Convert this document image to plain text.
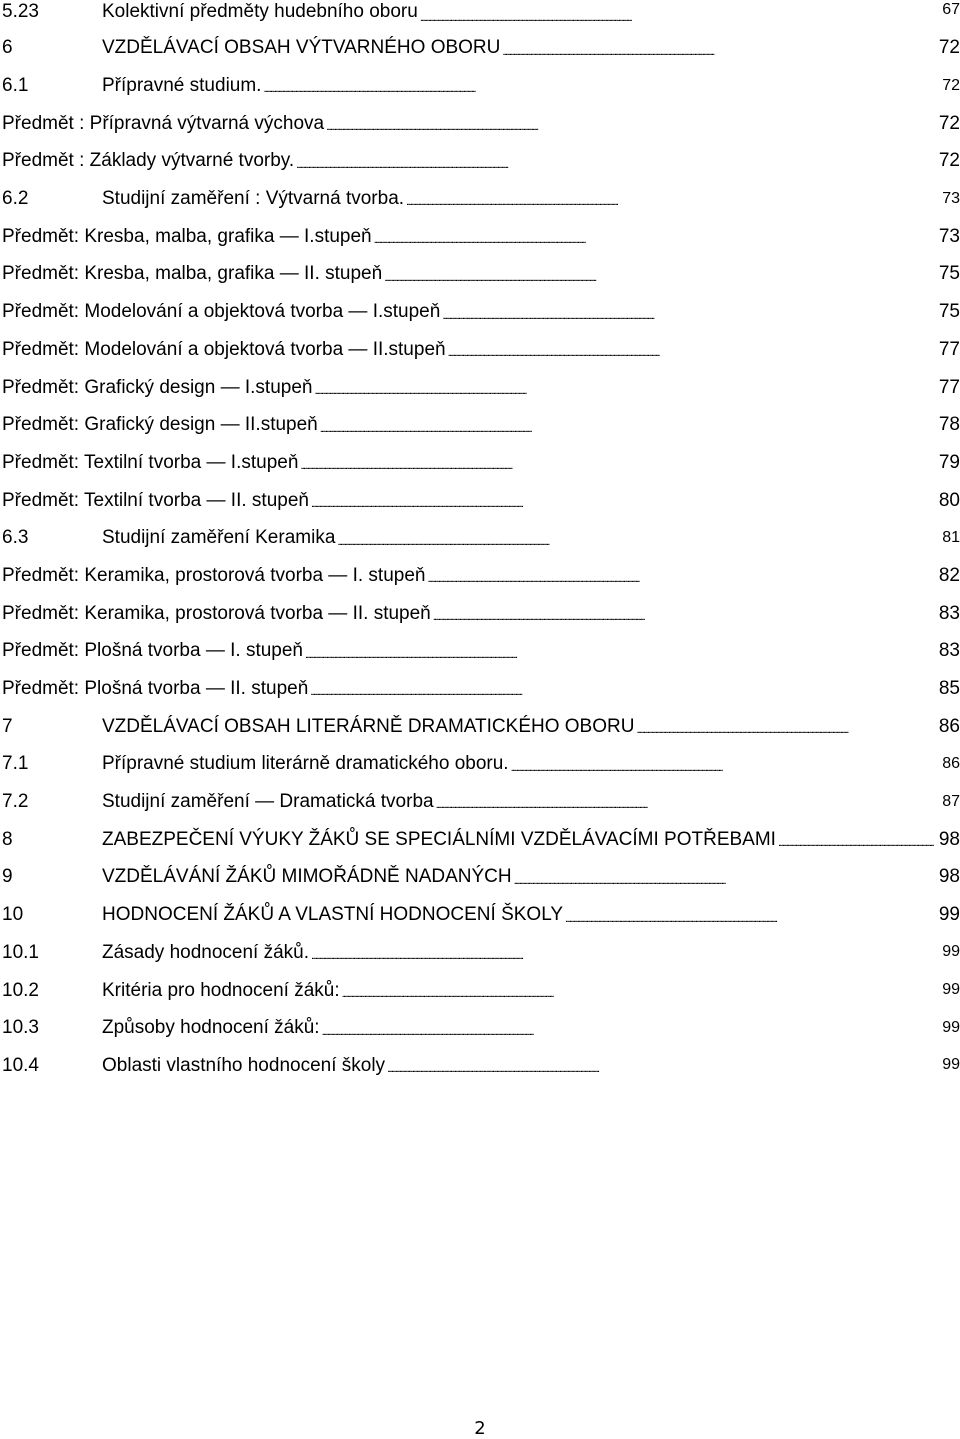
5.23	Kolektivní předměty hudebního oboru . . .	67
6	VZDĚLÁVACÍ OBSAH VÝTVARNÉHO OBORU . . .	72
6.1	Přípravné studium. . . .	72
Předmět : Přípravná výtvarná výchova . . .	72
Předmět : Základy výtvarné tvorby. . . .	72
6.2	Studijní zaměření : Výtvarná tvorba. . . .	73
Předmět: Kresba, malba, grafika — I.stupeň . . .	73
Předmět: Kresba, malba, grafika — II. stupeň . . .	75
Předmět: Modelování a objektová tvorba — I.stupeň . . .	75
Předmět: Modelování a objektová tvorba — II.stupeň . . .	77
Předmět: Grafický design — I.stupeň . . .	77
Předmět: Grafický design — II.stupeň . . .	78
Předmět: Textilní tvorba — I.stupeň . . .	79
Předmět: Textilní tvorba — II. stupeň . . .	80
6.3	Studijní zaměření Keramika . . .	81
Předmět: Keramika, prostorová tvorba — I. stupeň . . .	82
Předmět: Keramika, prostorová tvorba — II. stupeň . . .	83
Předmět: Plošná tvorba — I. stupeň . . .	83
Předmět: Plošná tvorba — II. stupeň . . .	85
7	VZDĚLÁVACÍ OBSAH LITERÁRNĚ DRAMATICKÉHO OBORU . . .	86
7.1	Přípravné studium literárně dramatického oboru. . . .	86
7.2	Studijní zaměření — Dramatická tvorba . . .	87
8	ZABEZPEČENÍ VÝUKY ŽÁKŮ SE SPECIÁLNÍMI VZDĚLÁVACÍMI POTŘEBAMI . . .	98
9	VZDĚLÁVÁNÍ ŽÁKŮ MIMOŘÁDNĚ NADANÝCH . . .	98
10	HODNOCENÍ ŽÁKŮ A VLASTNÍ HODNOCENÍ ŠKOLY . . .	99
10.1	Zásady hodnocení žáků. . . .	99
10.2	Kritéria pro hodnocení žáků: . . .	99
10.3	Způsoby hodnocení žáků: . . .	99
10.4	Oblasti vlastního hodnocení školy . . .	99
2
